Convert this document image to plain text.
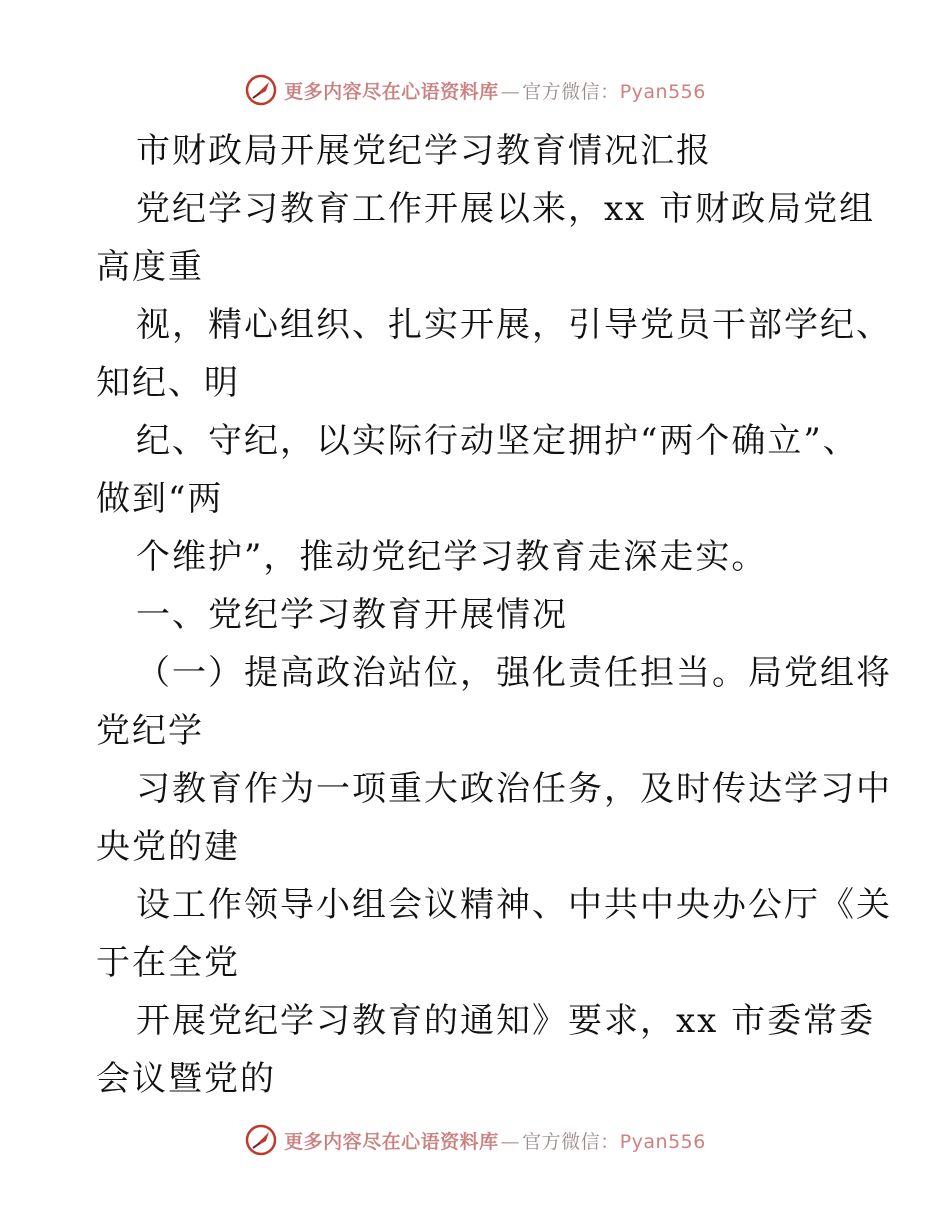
更多内容尽在心语资料库 — 官方微信：Pyan556
市财政局开展党纪学习教育情况汇报
党纪学习教育工作开展以来，xx 市财政局党组
高度重
视，精心组织、扎实开展，引导党员干部学纪、
知纪、明
纪、守纪，以实际行动坚定拥护“两个确立”、
做到“两
个维护”，推动党纪学习教育走深走实。
一、党纪学习教育开展情况
（一）提高政治站位，强化责任担当。局党组将
党纪学
习教育作为一项重大政治任务，及时传达学习中
央党的建
设工作领导小组会议精神、中共中央办公厅《关
于在全党
开展党纪学习教育的通知》要求，xx 市委常委
会议暨党的
更多内容尽在心语资料库 — 官方微信：Pyan556
